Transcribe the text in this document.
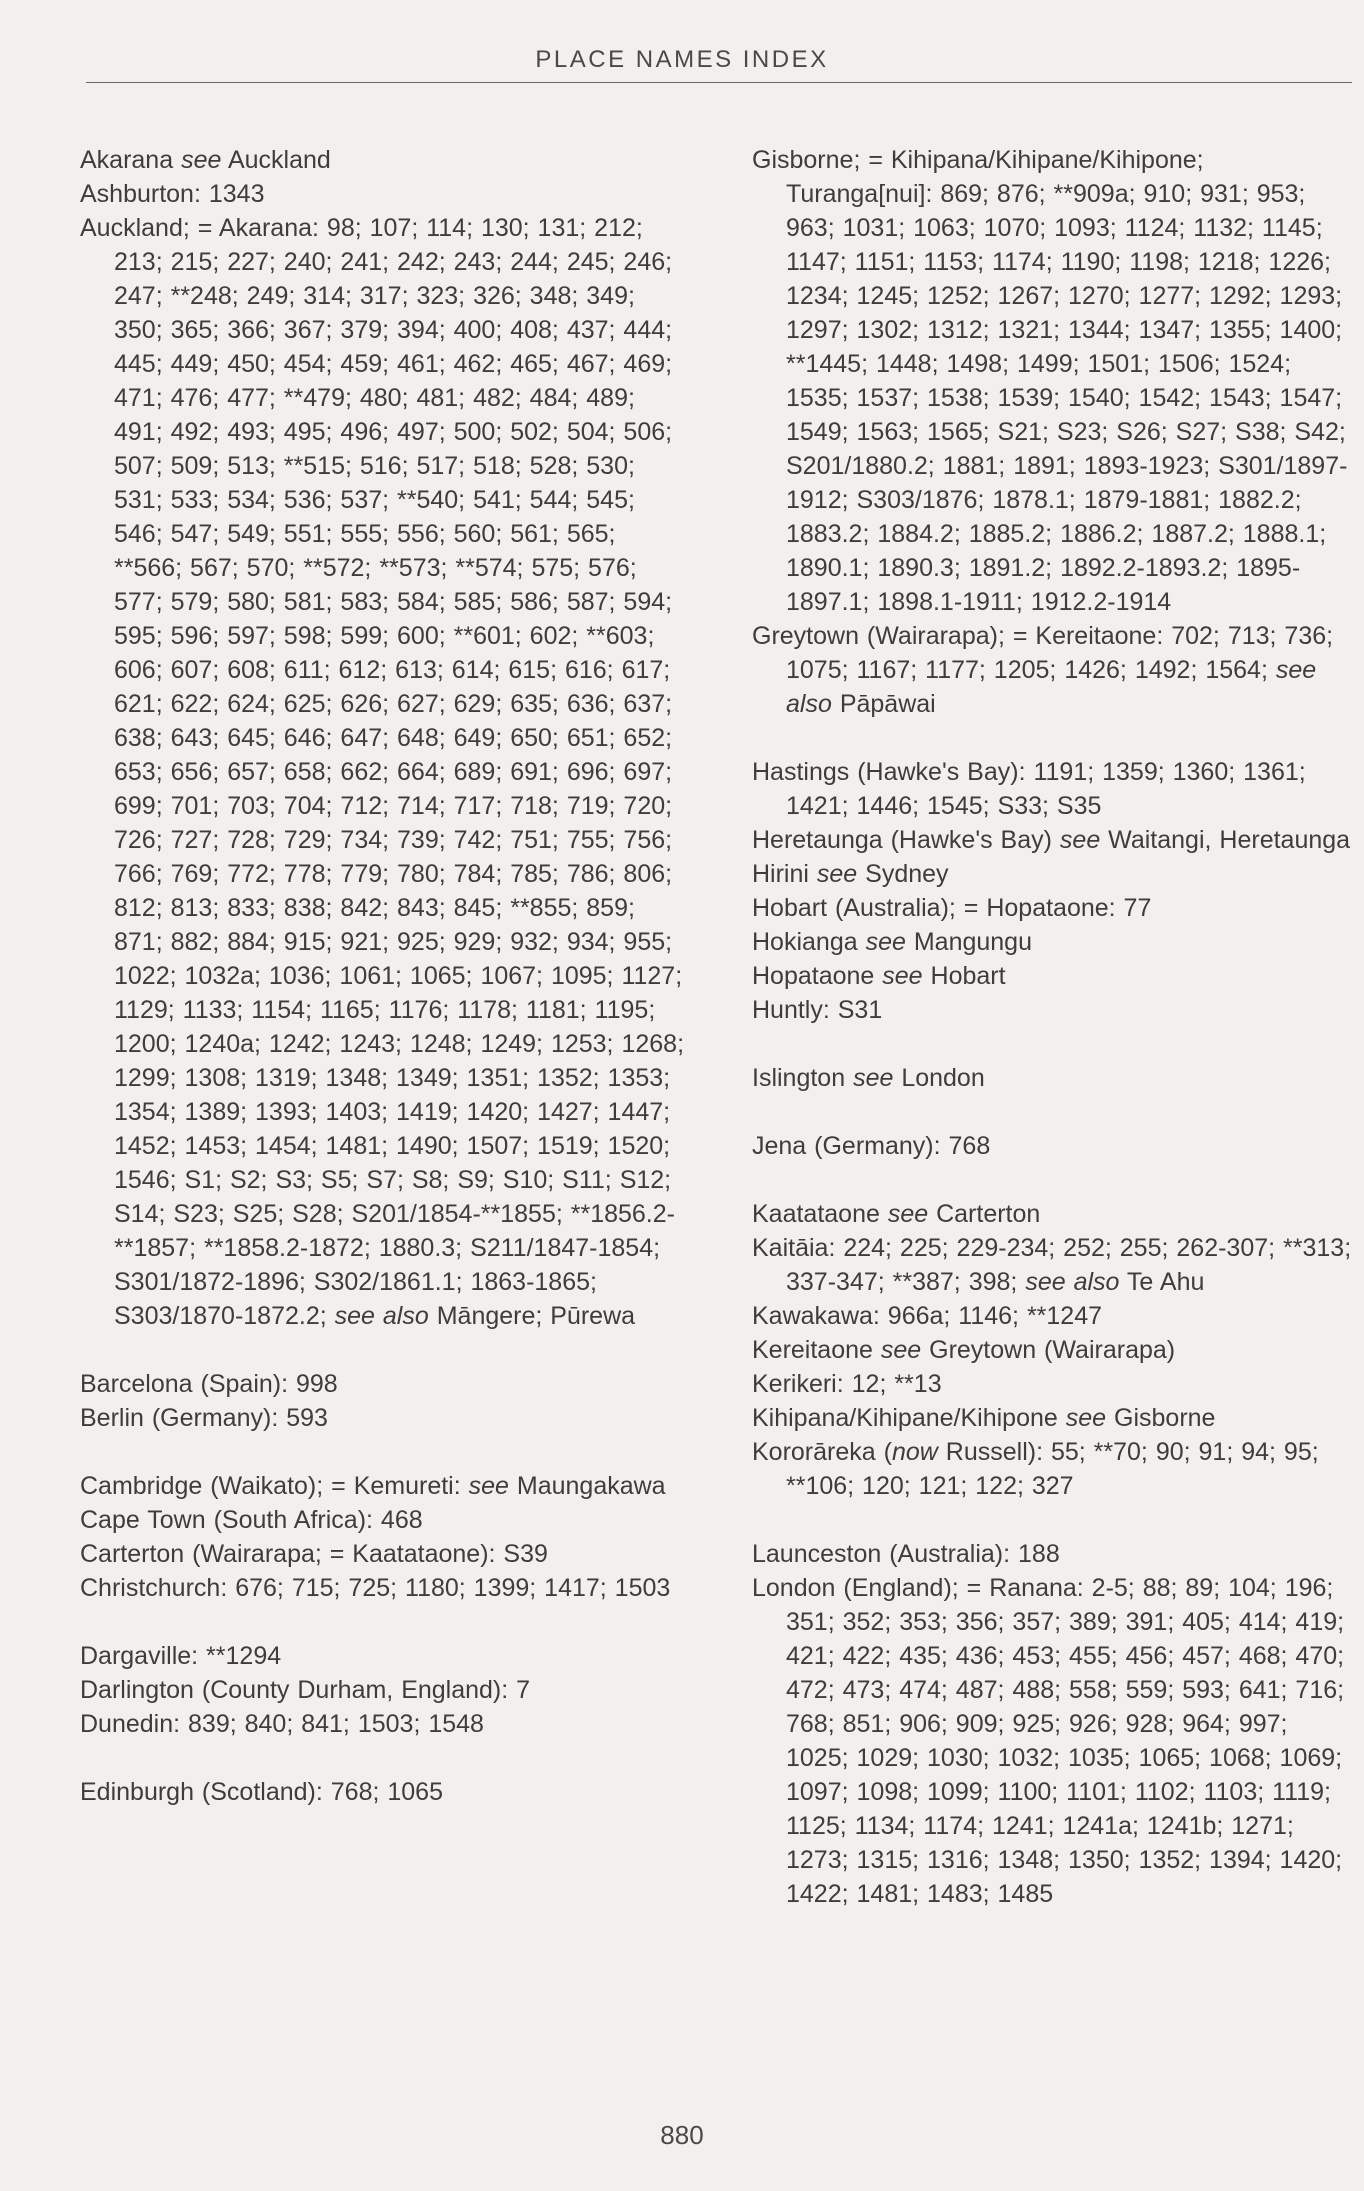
PLACE NAMES INDEX
Akarana see Auckland
Ashburton: 1343
Auckland; = Akarana: 98; 107; 114; 130; 131; 212; 213; 215; 227; 240; 241; 242; 243; 244; 245; 246; 247; **248; 249; 314; 317; 323; 326; 348; 349; 350; 365; 366; 367; 379; 394; 400; 408; 437; 444; 445; 449; 450; 454; 459; 461; 462; 465; 467; 469; 471; 476; 477; **479; 480; 481; 482; 484; 489; 491; 492; 493; 495; 496; 497; 500; 502; 504; 506; 507; 509; 513; **515; 516; 517; 518; 528; 530; 531; 533; 534; 536; 537; **540; 541; 544; 545; 546; 547; 549; 551; 555; 556; 560; 561; 565; **566; 567; 570; **572; **573; **574; 575; 576; 577; 579; 580; 581; 583; 584; 585; 586; 587; 594; 595; 596; 597; 598; 599; 600; **601; 602; **603; 606; 607; 608; 611; 612; 613; 614; 615; 616; 617; 621; 622; 624; 625; 626; 627; 629; 635; 636; 637; 638; 643; 645; 646; 647; 648; 649; 650; 651; 652; 653; 656; 657; 658; 662; 664; 689; 691; 696; 697; 699; 701; 703; 704; 712; 714; 717; 718; 719; 720; 726; 727; 728; 729; 734; 739; 742; 751; 755; 756; 766; 769; 772; 778; 779; 780; 784; 785; 786; 806; 812; 813; 833; 838; 842; 843; 845; **855; 859; 871; 882; 884; 915; 921; 925; 929; 932; 934; 955; 1022; 1032a; 1036; 1061; 1065; 1067; 1095; 1127; 1129; 1133; 1154; 1165; 1176; 1178; 1181; 1195; 1200; 1240a; 1242; 1243; 1248; 1249; 1253; 1268; 1299; 1308; 1319; 1348; 1349; 1351; 1352; 1353; 1354; 1389; 1393; 1403; 1419; 1420; 1427; 1447; 1452; 1453; 1454; 1481; 1490; 1507; 1519; 1520; 1546; S1; S2; S3; S5; S7; S8; S9; S10; S11; S12; S14; S23; S25; S28; S201/1854-**1855; **1856.2-**1857; **1858.2-1872; 1880.3; S211/1847-1854; S301/1872-1896; S302/1861.1; 1863-1865; S303/1870-1872.2; see also Māngere; Pūrewa
Barcelona (Spain): 998
Berlin (Germany): 593
Cambridge (Waikato); = Kemureti: see Maungakawa
Cape Town (South Africa): 468
Carterton (Wairarapa; = Kaatataone): S39
Christchurch: 676; 715; 725; 1180; 1399; 1417; 1503
Dargaville: **1294
Darlington (County Durham, England): 7
Dunedin: 839; 840; 841; 1503; 1548
Edinburgh (Scotland): 768; 1065
Gisborne; = Kihipana/Kihipane/Kihipone; Turanga[nui]: 869; 876; **909a; 910; 931; 953; 963; 1031; 1063; 1070; 1093; 1124; 1132; 1145; 1147; 1151; 1153; 1174; 1190; 1198; 1218; 1226; 1234; 1245; 1252; 1267; 1270; 1277; 1292; 1293; 1297; 1302; 1312; 1321; 1344; 1347; 1355; 1400; **1445; 1448; 1498; 1499; 1501; 1506; 1524; 1535; 1537; 1538; 1539; 1540; 1542; 1543; 1547; 1549; 1563; 1565; S21; S23; S26; S27; S38; S42; S201/1880.2; 1881; 1891; 1893-1923; S301/1897-1912; S303/1876; 1878.1; 1879-1881; 1882.2; 1883.2; 1884.2; 1885.2; 1886.2; 1887.2; 1888.1; 1890.1; 1890.3; 1891.2; 1892.2-1893.2; 1895-1897.1; 1898.1-1911; 1912.2-1914
Greytown (Wairarapa); = Kereitaone: 702; 713; 736; 1075; 1167; 1177; 1205; 1426; 1492; 1564; see also Pāpāwai
Hastings (Hawke's Bay): 1191; 1359; 1360; 1361; 1421; 1446; 1545; S33; S35
Heretaunga (Hawke's Bay) see Waitangi, Heretaunga
Hirini see Sydney
Hobart (Australia); = Hopataone: 77
Hokianga see Mangungu
Hopataone see Hobart
Huntly: S31
Islington see London
Jena (Germany): 768
Kaatataone see Carterton
Kaitāia: 224; 225; 229-234; 252; 255; 262-307; **313; 337-347; **387; 398; see also Te Ahu
Kawakawa: 966a; 1146; **1247
Kereitaone see Greytown (Wairarapa)
Kerikeri: 12; **13
Kihipana/Kihipane/Kihipone see Gisborne
Kororāreka (now Russell): 55; **70; 90; 91; 94; 95; **106; 120; 121; 122; 327
Launceston (Australia): 188
London (England); = Ranana: 2-5; 88; 89; 104; 196; 351; 352; 353; 356; 357; 389; 391; 405; 414; 419; 421; 422; 435; 436; 453; 455; 456; 457; 468; 470; 472; 473; 474; 487; 488; 558; 559; 593; 641; 716; 768; 851; 906; 909; 925; 926; 928; 964; 997; 1025; 1029; 1030; 1032; 1035; 1065; 1068; 1069; 1097; 1098; 1099; 1100; 1101; 1102; 1103; 1119; 1125; 1134; 1174; 1241; 1241a; 1241b; 1271; 1273; 1315; 1316; 1348; 1350; 1352; 1394; 1420; 1422; 1481; 1483; 1485
880
